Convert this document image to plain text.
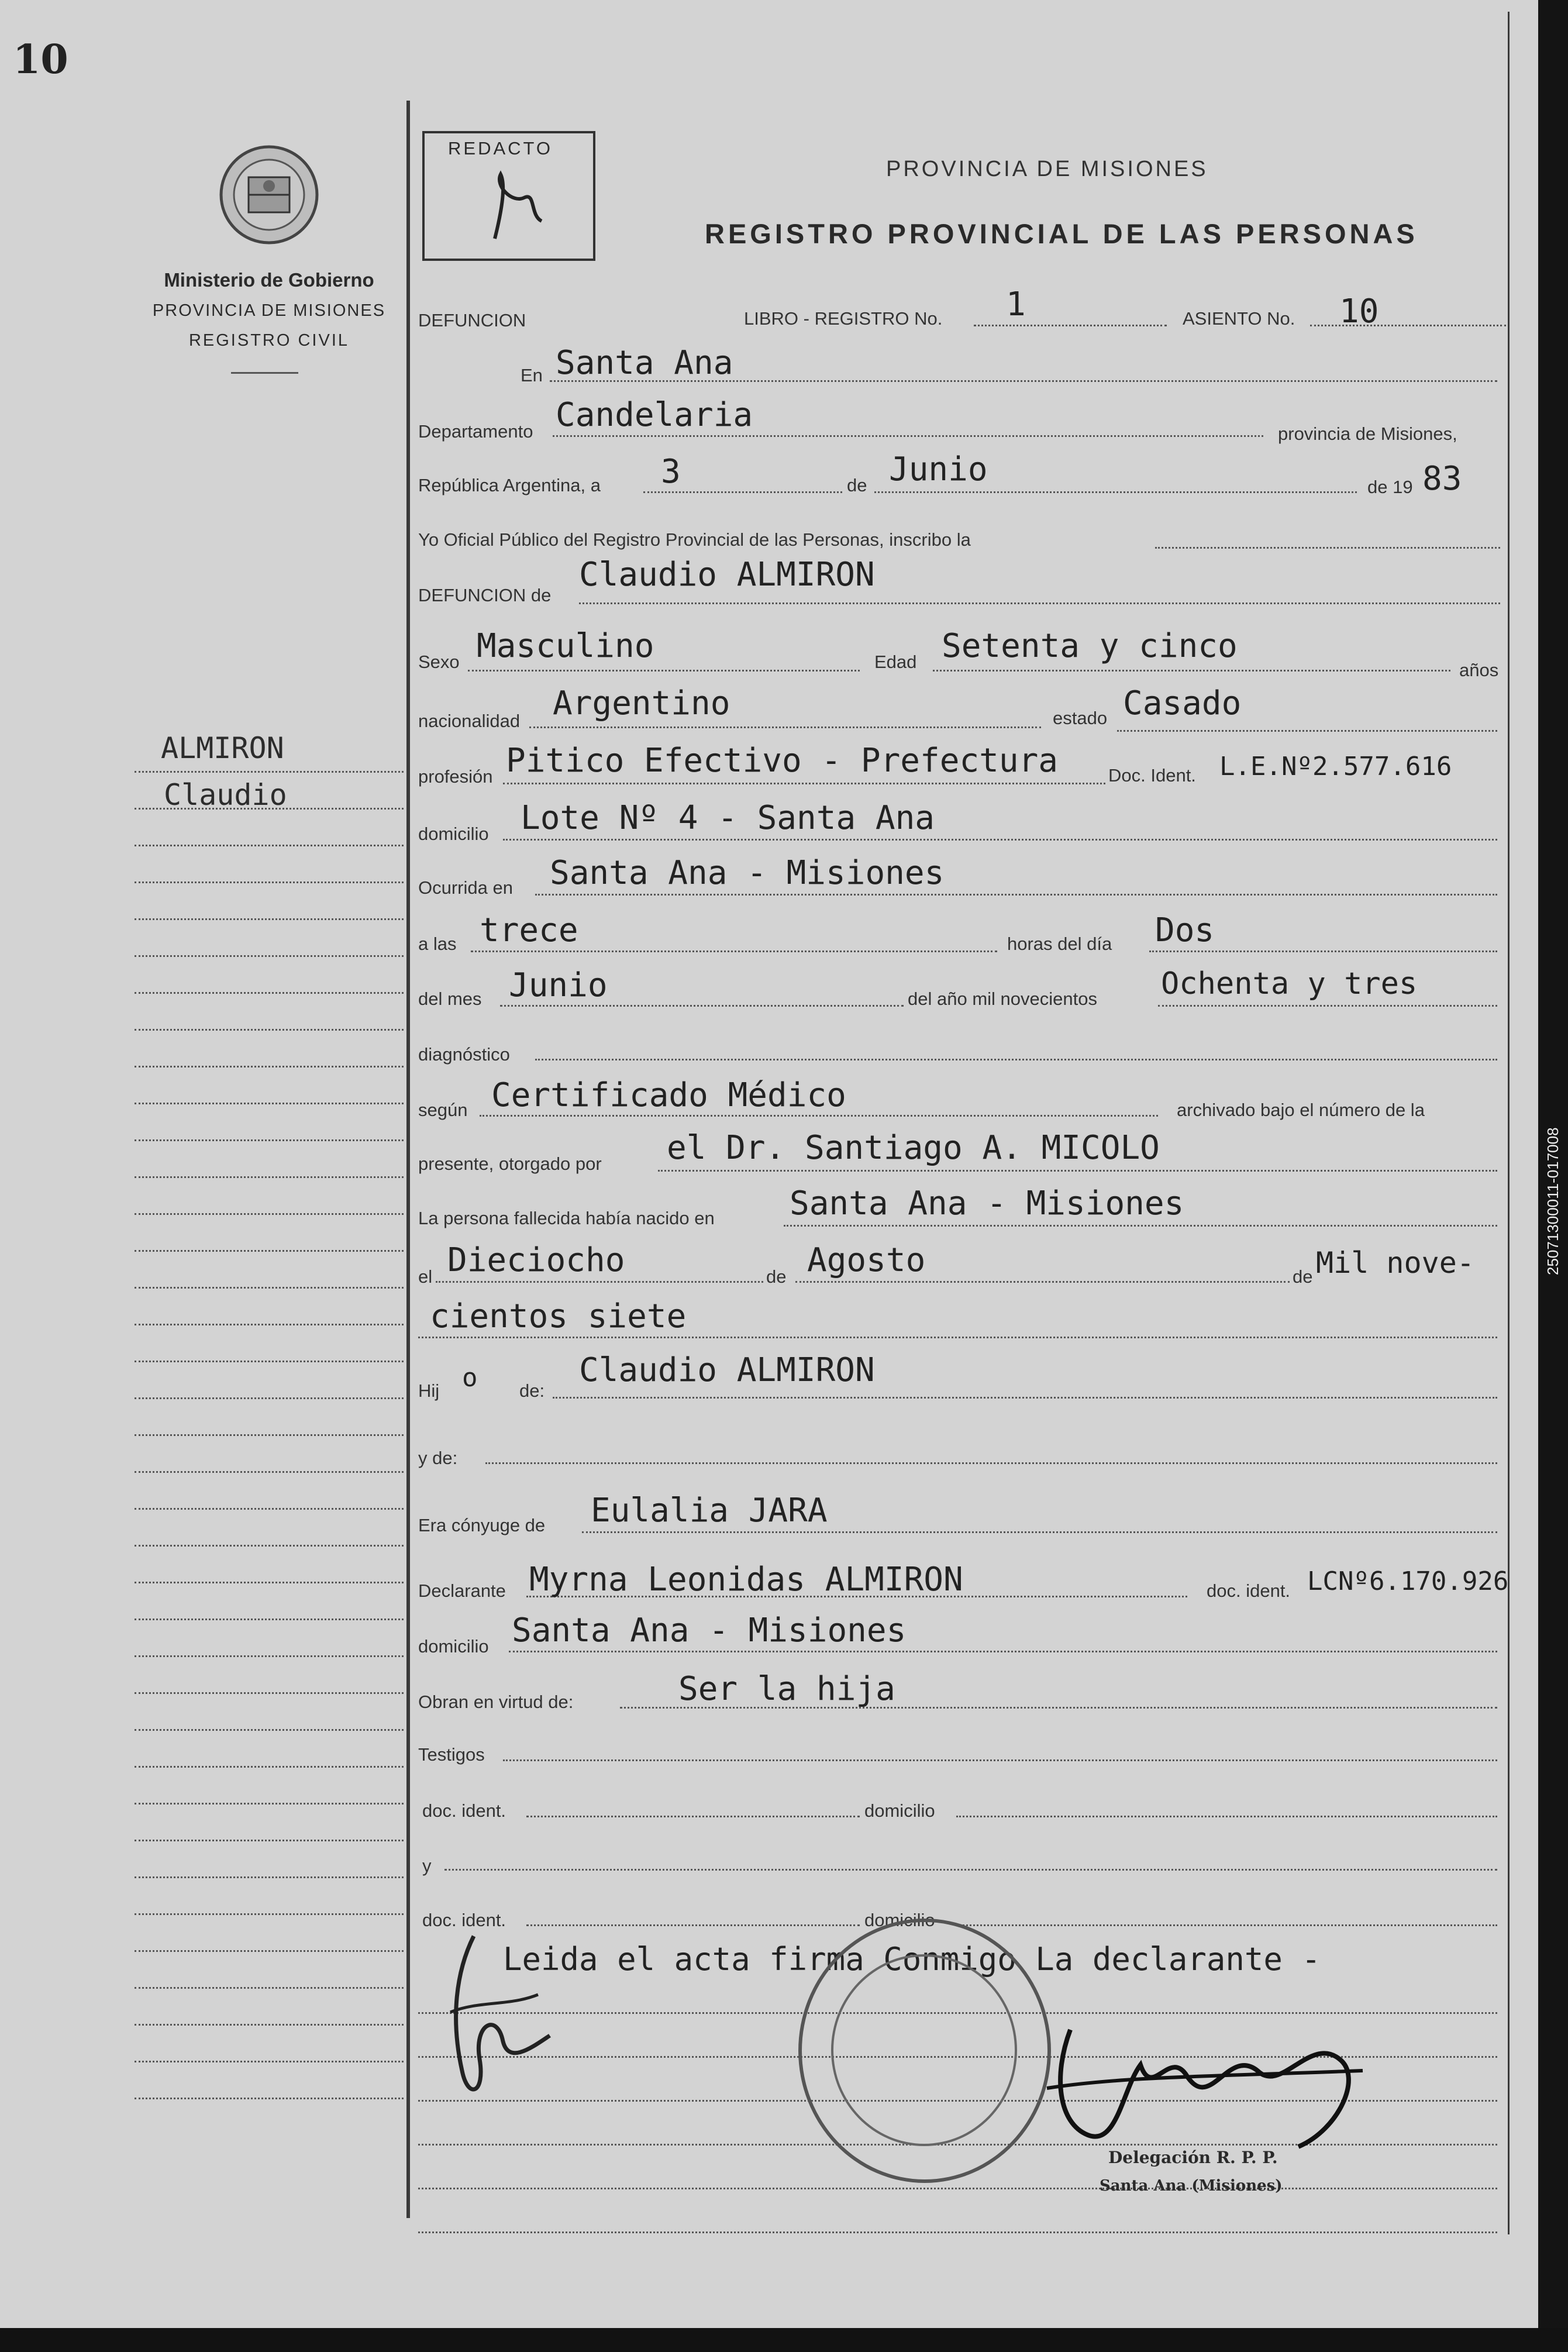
10
25071300011-017008
Ministerio de Gobierno
PROVINCIA DE MISIONES
REGISTRO CIVIL
ALMIRON
Claudio
REDACTO
PROVINCIA DE MISIONES
REGISTRO PROVINCIAL DE LAS PERSONAS
DEFUNCION	LIBRO - REGISTRO No. 1	ASIENTO No. 10
En Santa Ana
Departamento Candelaria	provincia de Misiones,
República Argentina, a 3	de Junio	de 19 83
Yo Oficial Público del Registro Provincial de las Personas, inscribo la
DEFUNCION de
Claudio ALMIRON
Sexo Masculino	Edad Setenta y cinco
años
nacionalidad Argentino	estado Casado
profesión Pitico Efectivo - Prefectura	Doc. Ident. L.E.Nº2.577.616
domicilio Lote Nº 4 - Santa Ana
Ocurrida en Santa Ana - Misiones
a las trece	horas del día Dos
del mes Junio	del año mil novecientos Ochenta y tres
diagnóstico
según Certificado Médico	archivado bajo el número de la
presente, otorgado por el Dr. Santiago A. MICOLO
La persona fallecida había nacido en Santa Ana - Misiones
el Dieciocho	de Agosto	de Mil nove-
cientos siete
Hij o de:
Claudio ALMIRON
y de:
Era cónyuge de Eulalia JARA
Declarante Myrna Leonidas ALMIRON	doc. ident. LCNº6.170.926
domicilio Santa Ana - Misiones
Obran en virtud de:	Ser la hija
Testigos
doc. ident.	domicilio
y
doc. ident.	domicilio
Leida el acta firma Conmigo La declarante -
Delegación R. P. P.
Santa Ana (Misiones)
